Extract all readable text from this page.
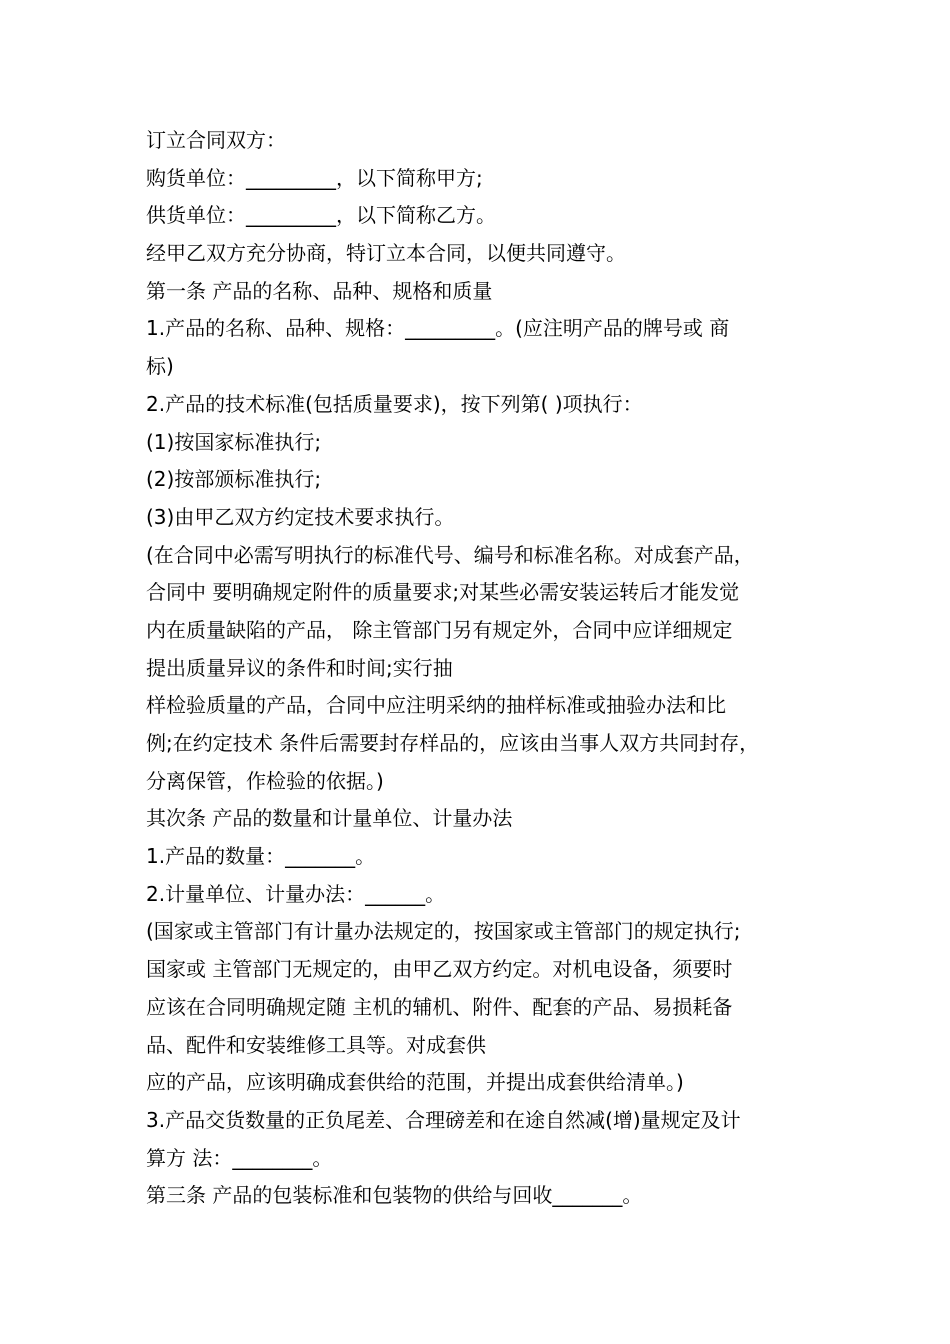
订立合同双方：
购货单位：_________，以下简称甲方;
供货单位：_________，以下简称乙方。
经甲乙双方充分协商，特订立本合同，以便共同遵守。
第一条 产品的名称、品种、规格和质量
1.产品的名称、品种、规格：_________。(应注明产品的牌号或 商
标)
2.产品的技术标准(包括质量要求)，按下列第( )项执行：
(1)按国家标准执行;
(2)按部颁标准执行;
(3)由甲乙双方约定技术要求执行。
(在合同中必需写明执行的标准代号、编号和标准名称。对成套产品，
合同中 要明确规定附件的质量要求;对某些必需安装运转后才能发觉
内在质量缺陷的产品， 除主管部门另有规定外，合同中应详细规定
提出质量异议的条件和时间;实行抽
样检验质量的产品，合同中应注明采纳的抽样标准或抽验办法和比
例;在约定技术 条件后需要封存样品的，应该由当事人双方共同封存，
分离保管，作检验的依据。)
其次条 产品的数量和计量单位、计量办法
1.产品的数量：_______。
2.计量单位、计量办法：______。
(国家或主管部门有计量办法规定的，按国家或主管部门的规定执行;
国家或 主管部门无规定的，由甲乙双方约定。对机电设备，须要时
应该在合同明确规定随 主机的辅机、附件、配套的产品、易损耗备
品、配件和安装维修工具等。对成套供
应的产品，应该明确成套供给的范围，并提出成套供给清单。)
3.产品交货数量的正负尾差、合理磅差和在途自然减(增)量规定及计
算方 法：________。
第三条 产品的包装标准和包装物的供给与回收_______。
